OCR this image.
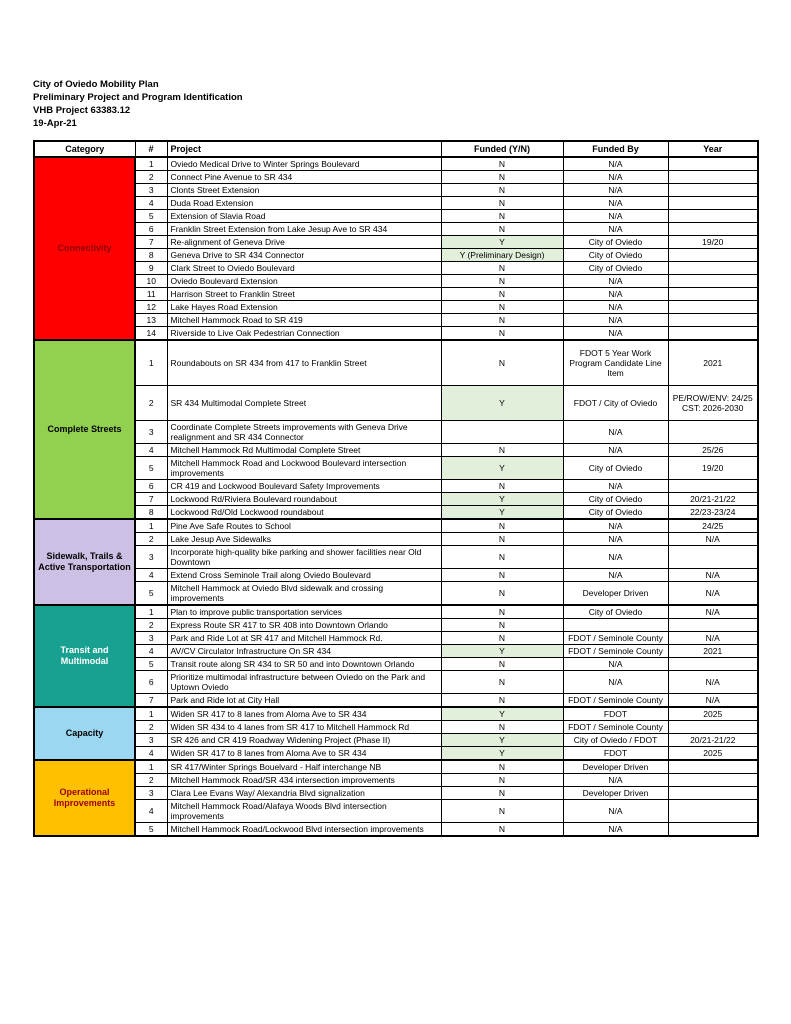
City of Oviedo Mobility Plan
Preliminary Project and Program Identification
VHB Project 63383.12
19-Apr-21
Category	#	Project	Funded (Y/N)	Funded By	Year
Connectivity	1	Oviedo Medical Drive to Winter Springs Boulevard	N	N/A	
	2	Connect Pine Avenue to SR 434	N	N/A	
	3	Clonts Street Extension	N	N/A	
	4	Duda Road Extension	N	N/A	
	5	Extension of Slavia Road	N	N/A	
	6	Franklin Street Extension from Lake Jesup Ave to SR 434	N	N/A	
	7	Re-alignment of Geneva Drive	Y	City of Oviedo	19/20
	8	Geneva Drive to SR 434 Connector	Y (Preliminary Design)	City of Oviedo	
	9	Clark Street to Oviedo Boulevard	N	City of Oviedo	
	10	Oviedo Boulevard Extension	N	N/A	
	11	Harrison Street to Franklin Street	N	N/A	
	12	Lake Hayes Road Extension	N	N/A	
	13	Mitchell Hammock Road to SR 419	N	N/A	
	14	Riverside to Live Oak Pedestrian Connection	N	N/A	
Complete Streets	1	Roundabouts on SR 434 from 417 to Franklin Street	N	FDOT 5 Year Work Program Candidate Line Item	2021
	2	SR 434 Multimodal Complete Street	Y	FDOT / City of Oviedo	PE/ROW/ENV: 24/25 CST: 2026-2030
	3	Coordinate Complete Streets improvements with Geneva Drive realignment and SR 434 Connector		N/A	
	4	Mitchell Hammock Rd Multimodal Complete Street	N	N/A	25/26
	5	Mitchell Hammock Road and Lockwood Boulevard intersection improvements	Y	City of Oviedo	19/20
	6	CR 419 and Lockwood Boulevard Safety Improvements	N	N/A	
	7	Lockwood Rd/Riviera Boulevard roundabout	Y	City of Oviedo	20/21-21/22
	8	Lockwood Rd/Old Lockwood roundabout	Y	City of Oviedo	22/23-23/24
Sidewalk, Trails & Active Transportation	1	Pine Ave Safe Routes to School	N	N/A	24/25
	2	Lake Jesup Ave Sidewalks	N	N/A	N/A
	3	Incorporate high-quality bike parking and shower facilities near Old Downtown	N	N/A	
	4	Extend Cross Seminole Trail along Oviedo Boulevard	N	N/A	N/A
	5	Mitchell Hammock at Oviedo Blvd sidewalk and crossing improvements	N	Developer Driven	N/A
Transit and Multimodal	1	Plan to improve public transportation services	N	City of Oviedo	N/A
	2	Express Route SR 417 to SR 408 into Downtown Orlando	N		
	3	Park and Ride Lot at SR 417 and Mitchell Hammock Rd.	N	FDOT / Seminole County	N/A
	4	AV/CV Circulator Infrastructure On SR 434	Y	FDOT / Seminole County	2021
	5	Transit route along SR 434 to SR 50 and into Downtown Orlando	N	N/A	
	6	Prioritize multimodal infrastructure between Oviedo on the Park and Uptown Oviedo	N	N/A	N/A
	7	Park and Ride lot at City Hall	N	FDOT / Seminole County	N/A
Capacity	1	Widen SR 417 to 8 lanes from Aloma Ave to SR 434	Y	FDOT	2025
	2	Widen SR 434 to 4 lanes from SR 417 to Mitchell Hammock Rd	N	FDOT / Seminole County	
	3	SR 426 and CR 419 Roadway Widening Project (Phase II)	Y	City of Oviedo / FDOT	20/21-21/22
	4	Widen SR 417 to 8 lanes from Aloma Ave to SR 434	Y	FDOT	2025
Operational Improvements	1	SR 417/Winter Springs Bouelvard - Half interchange NB	N	Developer Driven	
	2	Mitchell Hammock Road/SR 434 intersection improvements	N	N/A	
	3	Clara Lee Evans Way/ Alexandria Blvd signalization	N	Developer Driven	
	4	Mitchell Hammock Road/Alafaya Woods Blvd intersection improvements	N	N/A	
	5	Mitchell Hammock Road/Lockwood Blvd intersection improvements	N	N/A	
